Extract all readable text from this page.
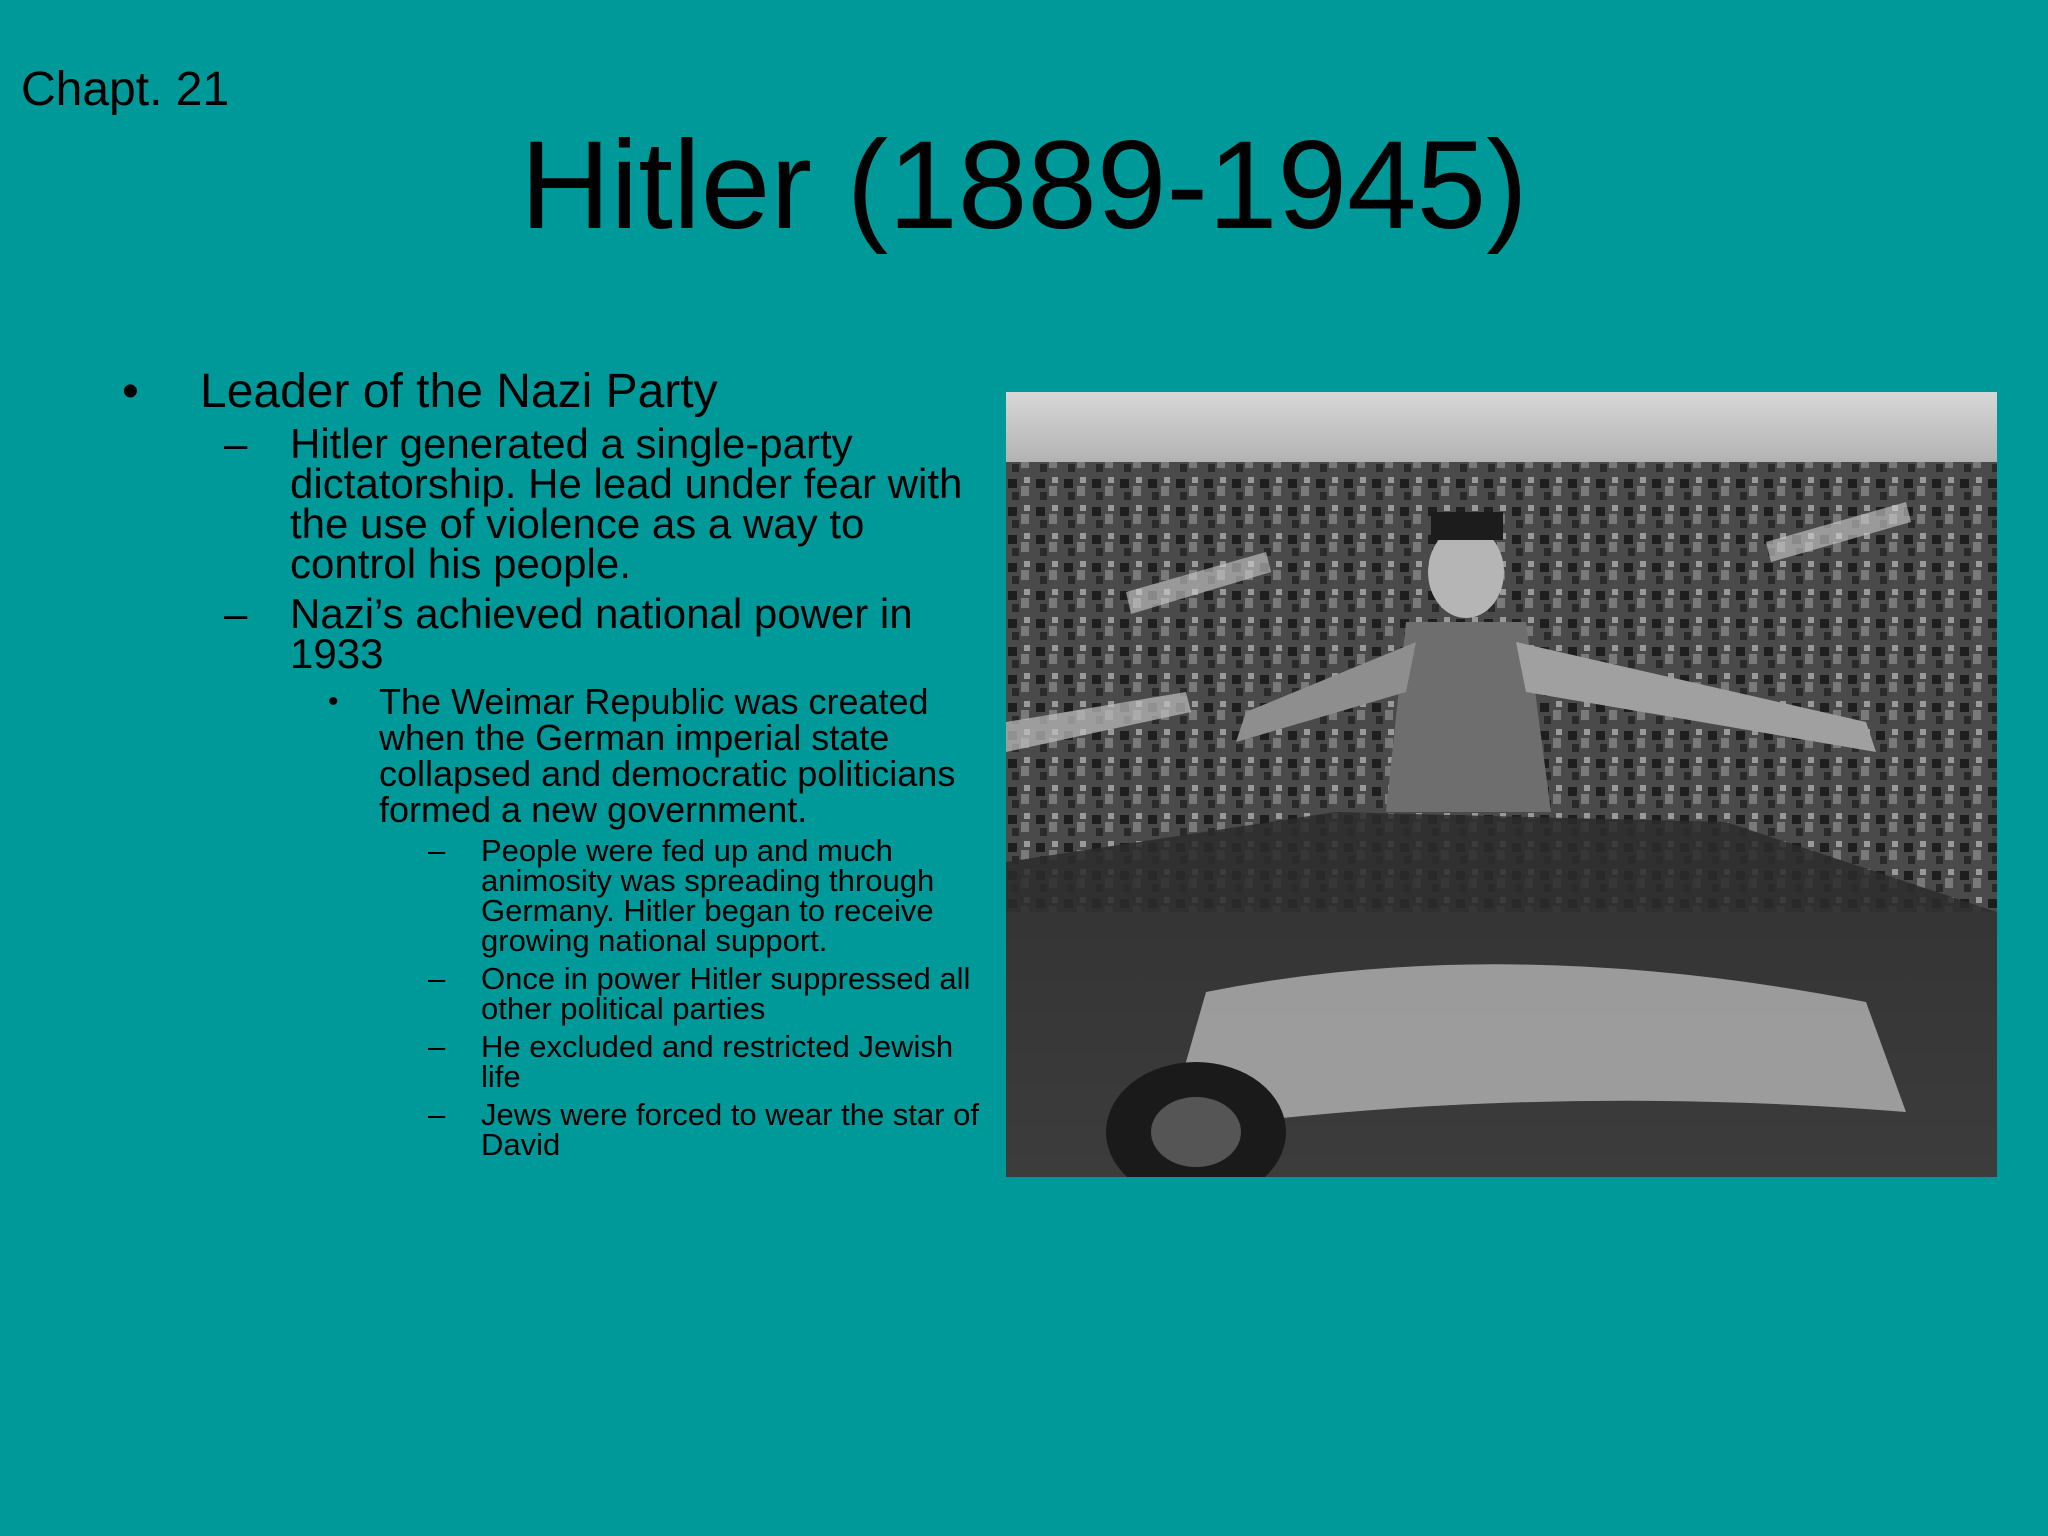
Chapt. 21
Hitler (1889-1945)
• Leader of the Nazi Party
– Hitler generated a single-party dictatorship. He lead under fear with the use of violence as a way to control his people.
– Nazi’s achieved national power in 1933
• The Weimar Republic was created when the German imperial state collapsed and democratic politicians formed a new government.
– People were fed up and much animosity was spreading through Germany. Hitler began to receive growing national support.
– Once in power Hitler suppressed all other political parties
– He excluded and restricted Jewish life
– Jews were forced to wear the star of David
